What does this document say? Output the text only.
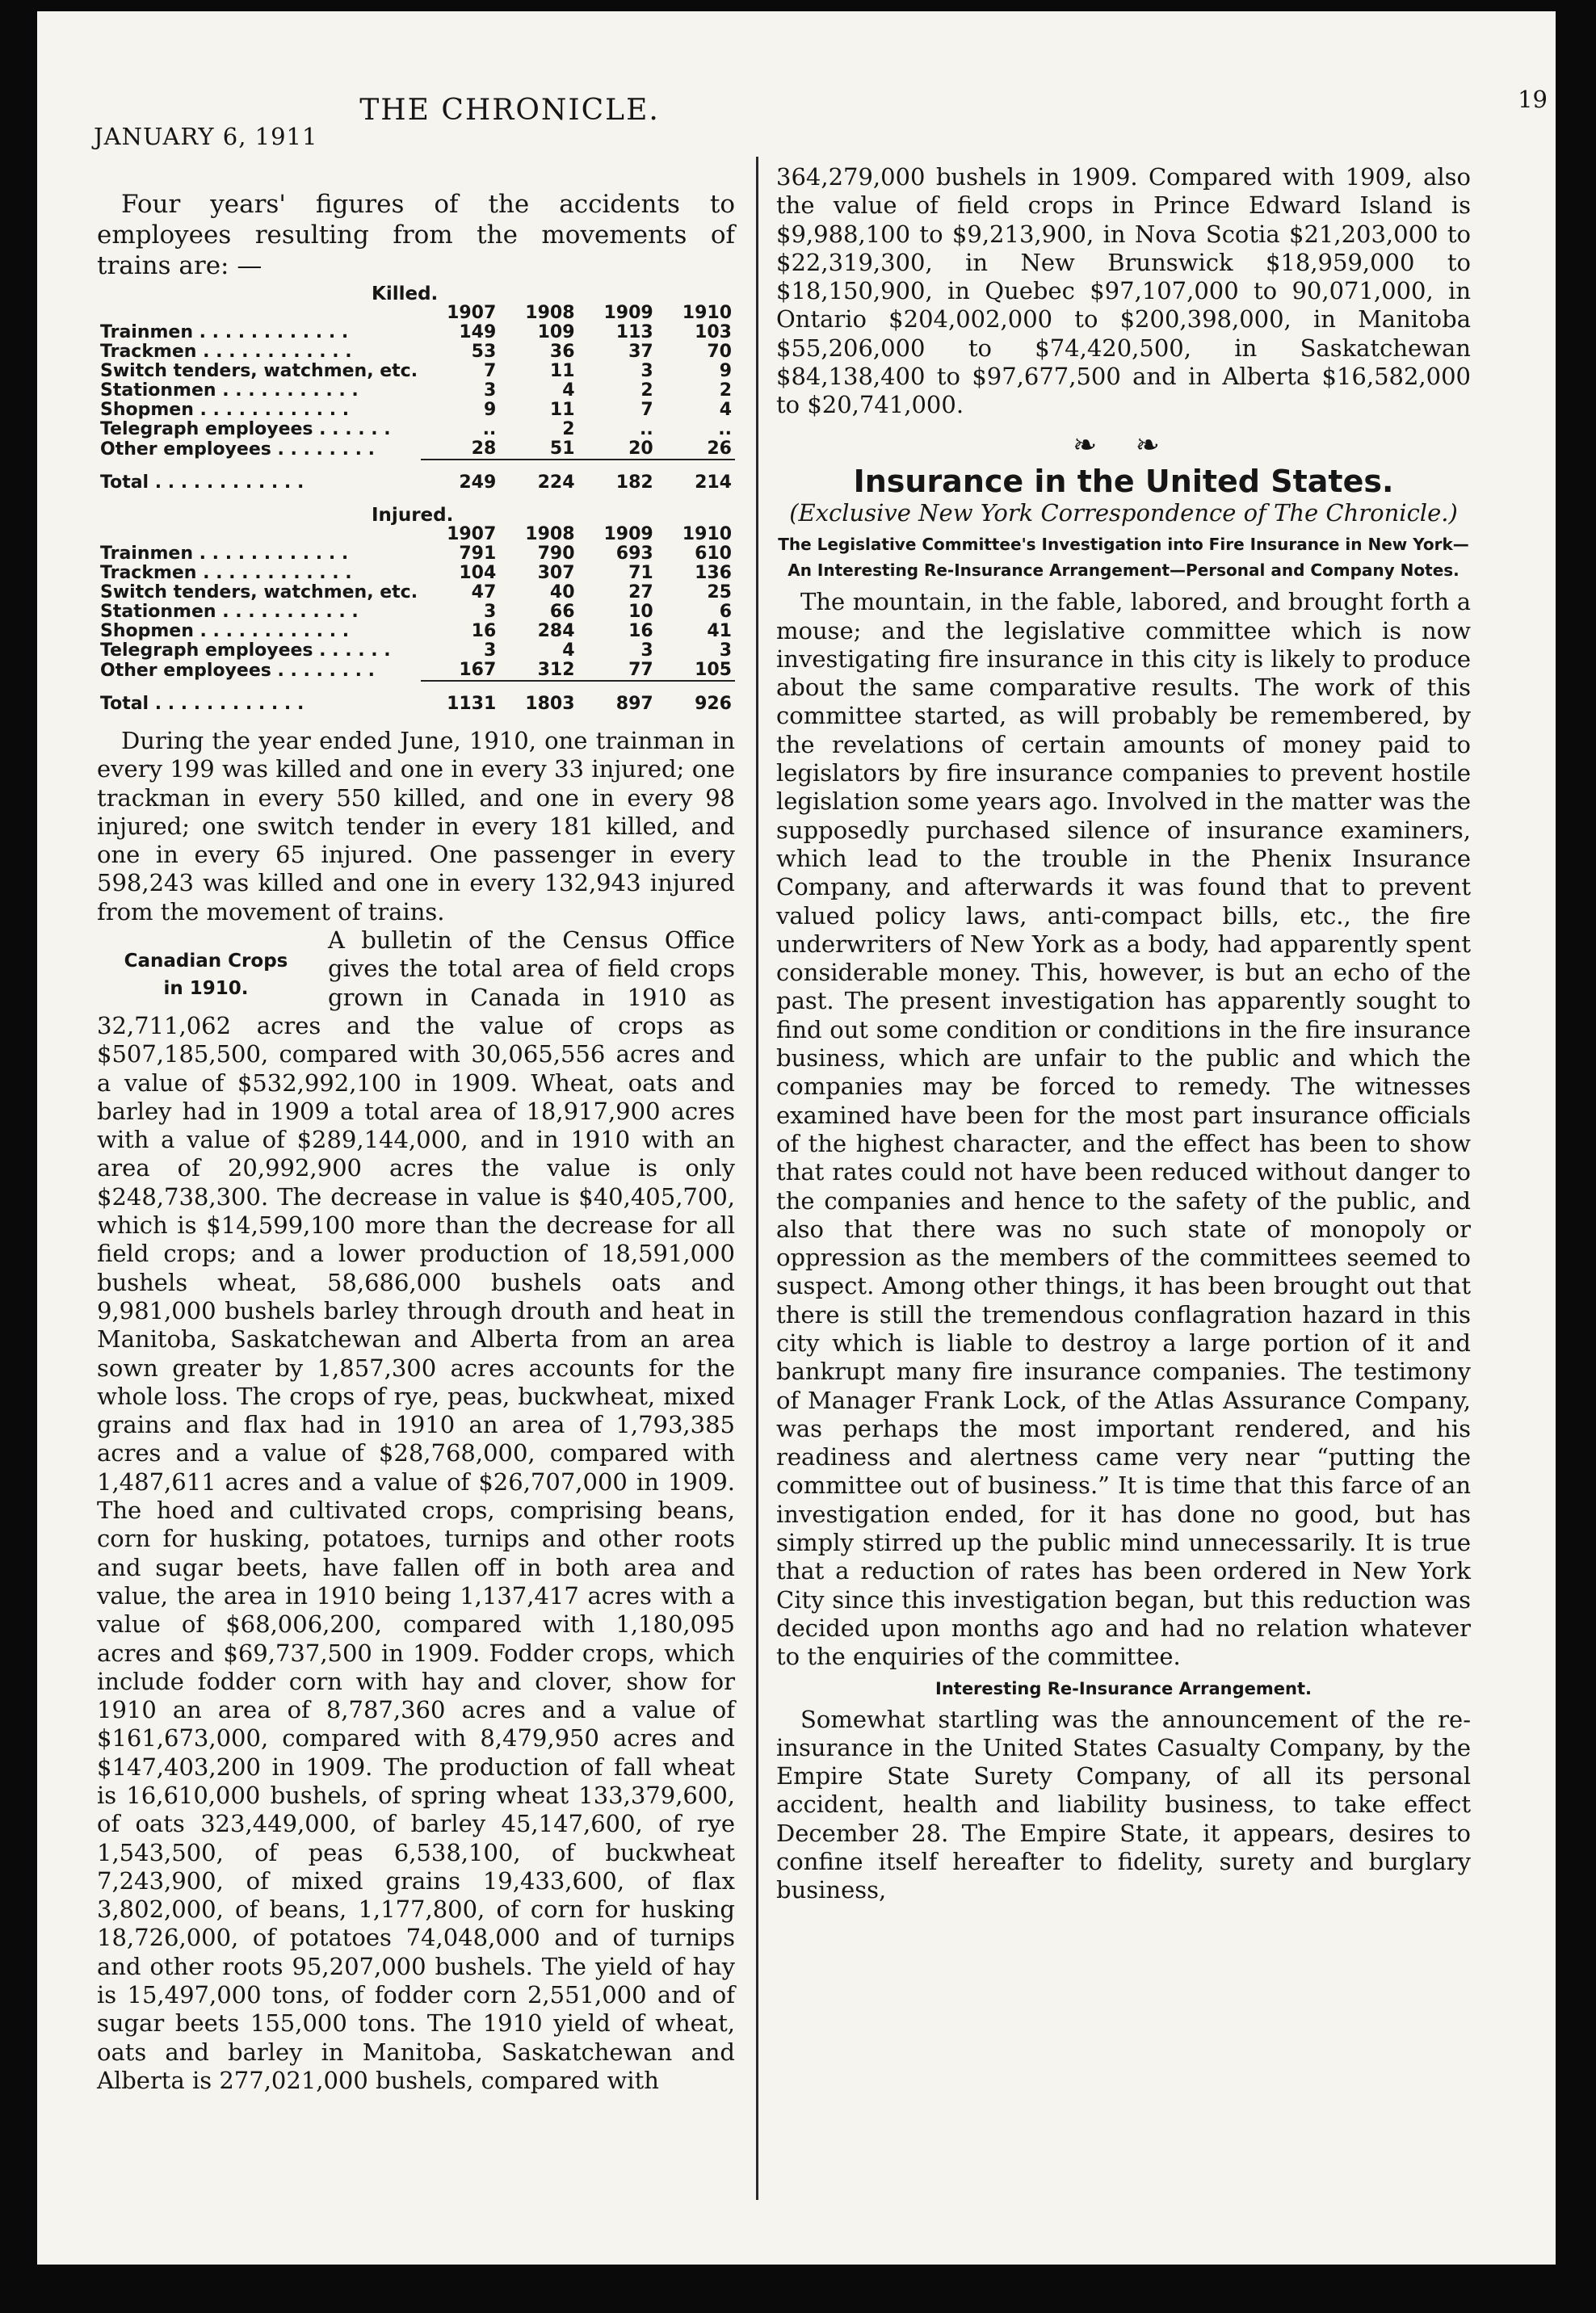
JANUARY 6, 1911
THE CHRONICLE.	19

Four years' figures of the accidents to employees resulting from the movements of trains are: —

Killed.				
	1907	1908	1909	1910
Trainmen . . . . . . . . . . . .	149	109	113	103
Trackmen . . . . . . . . . . . .	53	36	37	70
Switch tenders, watchmen, etc.	7	11	3	9
Stationmen . . . . . . . . . . .	3	4	2	2
Shopmen . . . . . . . . . . . .	9	11	7	4
Telegraph employees . . . . . .	..	2	..	..
Other employees . . . . . . . .	28	51	20	26
Total . . . . . . . . . . . .	249	224	182	214
Injured.				
	1907	1908	1909	1910
Trainmen . . . . . . . . . . . .	791	790	693	610
Trackmen . . . . . . . . . . . .	104	307	71	136
Switch tenders, watchmen, etc.	47	40	27	25
Stationmen . . . . . . . . . . .	3	66	10	6
Shopmen . . . . . . . . . . . .	16	284	16	41
Telegraph employees . . . . . .	3	4	3	3
Other employees . . . . . . . .	167	312	77	105
Total . . . . . . . . . . . .	1131	1803	897	926

During the year ended June, 1910, one trainman in every 199 was killed and one in every 33 injured; one trackman in every 550 killed, and one in every 98 injured; one switch tender in every 181 killed, and one in every 65 injured. One passenger in every 598,243 was killed and one in every 132,943 injured from the movement of trains.

Canadian Crops
in 1910.

A bulletin of the Census Office gives the total area of field crops grown in Canada in 1910 as 32,711,062 acres and the value of crops as $507,185,500, compared with 30,065,556 acres and a value of $532,992,100 in 1909. Wheat, oats and barley had in 1909 a total area of 18,917,900 acres with a value of $289,144,000, and in 1910 with an area of 20,992,900 acres the value is only $248,738,300. The decrease in value is $40,405,700, which is $14,599,100 more than the decrease for all field crops; and a lower production of 18,591,000 bushels wheat, 58,686,000 bushels oats and 9,981,000 bushels barley through drouth and heat in Manitoba, Saskatchewan and Alberta from an area sown greater by 1,857,300 acres accounts for the whole loss. The crops of rye, peas, buckwheat, mixed grains and flax had in 1910 an area of 1,793,385 acres and a value of $28,768,000, compared with 1,487,611 acres and a value of $26,707,000 in 1909. The hoed and cultivated crops, comprising beans, corn for husking, potatoes, turnips and other roots and sugar beets, have fallen off in both area and value, the area in 1910 being 1,137,417 acres with a value of $68,006,200, compared with 1,180,095 acres and $69,737,500 in 1909. Fodder crops, which include fodder corn with hay and clover, show for 1910 an area of 8,787,360 acres and a value of $161,673,000, compared with 8,479,950 acres and $147,403,200 in 1909. The production of fall wheat is 16,610,000 bushels, of spring wheat 133,379,600, of oats 323,449,000, of barley 45,147,600, of rye 1,543,500, of peas 6,538,100, of buckwheat 7,243,900, of mixed grains 19,433,600, of flax 3,802,000, of beans, 1,177,800, of corn for husking 18,726,000, of potatoes 74,048,000 and of turnips and other roots 95,207,000 bushels. The yield of hay is 15,497,000 tons, of fodder corn 2,551,000 and of sugar beets 155,000 tons. The 1910 yield of wheat, oats and barley in Manitoba, Saskatchewan and Alberta is 277,021,000 bushels, compared with

364,279,000 bushels in 1909. Compared with 1909, also the value of field crops in Prince Edward Island is $9,988,100 to $9,213,900, in Nova Scotia $21,203,000 to $22,319,300, in New Brunswick $18,959,000 to $18,150,900, in Quebec $97,107,000 to 90,071,000, in Ontario $204,002,000 to $200,398,000, in Manitoba $55,206,000 to $74,420,500, in Saskatchewan $84,138,400 to $97,677,500 and in Alberta $16,582,000 to $20,741,000.

❧ ❧
Insurance in the United States.
(Exclusive New York Correspondence of The Chronicle.)
The Legislative Committee's Investigation into Fire Insurance in New York—An Interesting Re-Insurance Arrangement—Personal and Company Notes.

The mountain, in the fable, labored, and brought forth a mouse; and the legislative committee which is now investigating fire insurance in this city is likely to produce about the same comparative results. The work of this committee started, as will probably be remembered, by the revelations of certain amounts of money paid to legislators by fire insurance companies to prevent hostile legislation some years ago. Involved in the matter was the supposedly purchased silence of insurance examiners, which lead to the trouble in the Phenix Insurance Company, and afterwards it was found that to prevent valued policy laws, anti-compact bills, etc., the fire underwriters of New York as a body, had apparently spent considerable money. This, however, is but an echo of the past. The present investigation has apparently sought to find out some condition or conditions in the fire insurance business, which are unfair to the public and which the companies may be forced to remedy. The witnesses examined have been for the most part insurance officials of the highest character, and the effect has been to show that rates could not have been reduced without danger to the companies and hence to the safety of the public, and also that there was no such state of monopoly or oppression as the members of the committees seemed to suspect. Among other things, it has been brought out that there is still the tremendous conflagration hazard in this city which is liable to destroy a large portion of it and bankrupt many fire insurance companies. The testimony of Manager Frank Lock, of the Atlas Assurance Company, was perhaps the most important rendered, and his readiness and alertness came very near “putting the committee out of business.” It is time that this farce of an investigation ended, for it has done no good, but has simply stirred up the public mind unnecessarily. It is true that a reduction of rates has been ordered in New York City since this investigation began, but this reduction was decided upon months ago and had no relation whatever to the enquiries of the committee.

Interesting Re-Insurance Arrangement.

Somewhat startling was the announcement of the re-insurance in the United States Casualty Company, by the Empire State Surety Company, of all its personal accident, health and liability business, to take effect December 28. The Empire State, it appears, desires to confine itself hereafter to fidelity, surety and burglary business,
